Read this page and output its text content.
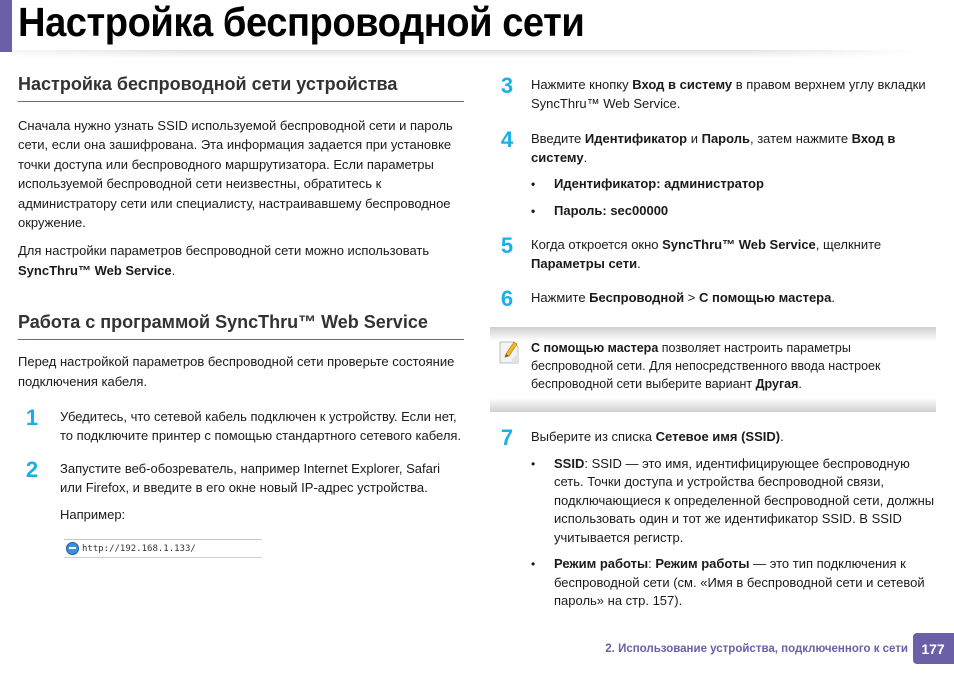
Настройка беспроводной сети
Настройка беспроводной сети устройства

Сначала нужно узнать SSID используемой беспроводной сети и пароль сети, если она зашифрована. Эта информация задается при установке точки доступа или беспроводного маршрутизатора. Если параметры используемой беспроводной сети неизвестны, обратитесь к администратору сети или специалисту, настраивавшему беспроводное окружение.

Для настройки параметров беспроводной сети можно использовать SyncThru™ Web Service.

Работа с программой SyncThru™ Web Service

Перед настройкой параметров беспроводной сети проверьте состояние подключения кабеля.

1	Убедитесь, что сетевой кабель подключен к устройству. Если нет, то подключите принтер с помощью стандартного сетевого кабеля.

2	Запустите веб-обозреватель, например Internet Explorer, Safari или Firefox, и введите в его окне новый IP-адрес устройства.

Например:

http://192.168.1.133/
3 Нажмите кнопку Вход в систему в правом верхнем углу вкладки SyncThru™ Web Service.

4 Введите Идентификатор и Пароль, затем нажмите Вход в систему.

• Идентификатор: администратор
• Пароль: sec00000
5 Когда откроется окно SyncThru™ Web Service, щелкните Параметры сети.

6 Нажмите Беспроводной > С помощью мастера.

С помощью мастера позволяет настроить параметры беспроводной сети. Для непосредственного ввода настроек беспроводной сети выберите вариант Другая.

7 Выберите из списка Сетевое имя (SSID).

• SSID: SSID — это имя, идентифицирующее беспроводную сеть. Точки доступа и устройства беспроводной связи, подключающиеся к определенной беспроводной сети, должны использовать один и тот же идентификатор SSID. В SSID учитывается регистр.
• Режим работы: Режим работы — это тип подключения к беспроводной сети (см. «Имя в беспроводной сети и сетевой пароль» на стр. 157).
2. Использование устройства, подключенного к сети 177
